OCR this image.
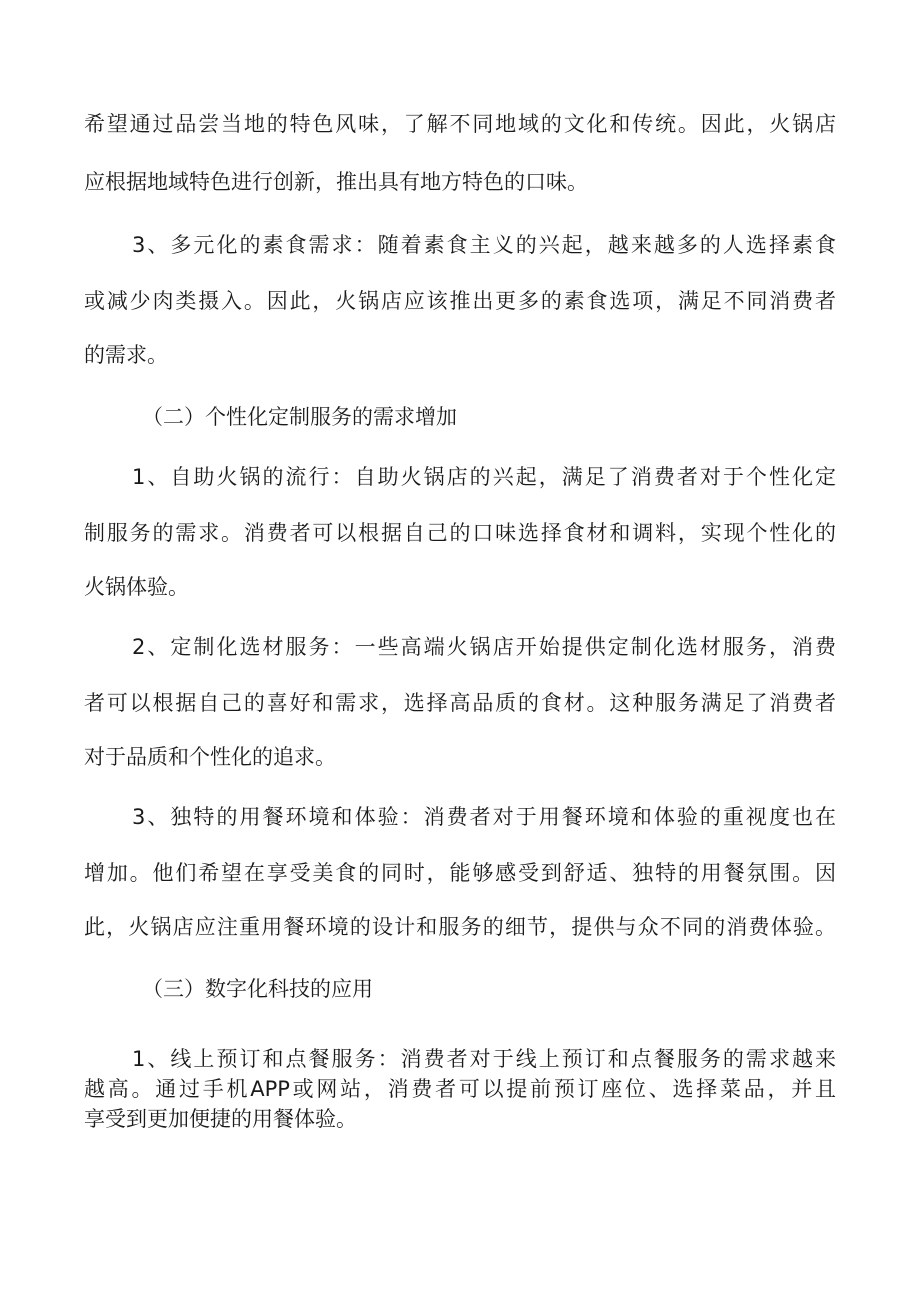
希望通过品尝当地的特色风味，了解不同地域的文化和传统。因此，火锅店
应根据地域特色进行创新，推出具有地方特色的口味。
3、多元化的素食需求：随着素食主义的兴起，越来越多的人选择素食
或减少肉类摄入。因此，火锅店应该推出更多的素食选项，满足不同消费者
的需求。
（二）个性化定制服务的需求增加
1、自助火锅的流行：自助火锅店的兴起，满足了消费者对于个性化定
制服务的需求。消费者可以根据自己的口味选择食材和调料，实现个性化的
火锅体验。
2、定制化选材服务：一些高端火锅店开始提供定制化选材服务，消费
者可以根据自己的喜好和需求，选择高品质的食材。这种服务满足了消费者
对于品质和个性化的追求。
3、独特的用餐环境和体验：消费者对于用餐环境和体验的重视度也在
增加。他们希望在享受美食的同时，能够感受到舒适、独特的用餐氛围。因
此，火锅店应注重用餐环境的设计和服务的细节，提供与众不同的消费体验。
（三）数字化科技的应用
1、线上预订和点餐服务：消费者对于线上预订和点餐服务的需求越来
越高。通过手机APP或网站，消费者可以提前预订座位、选择菜品，并且
享受到更加便捷的用餐体验。
